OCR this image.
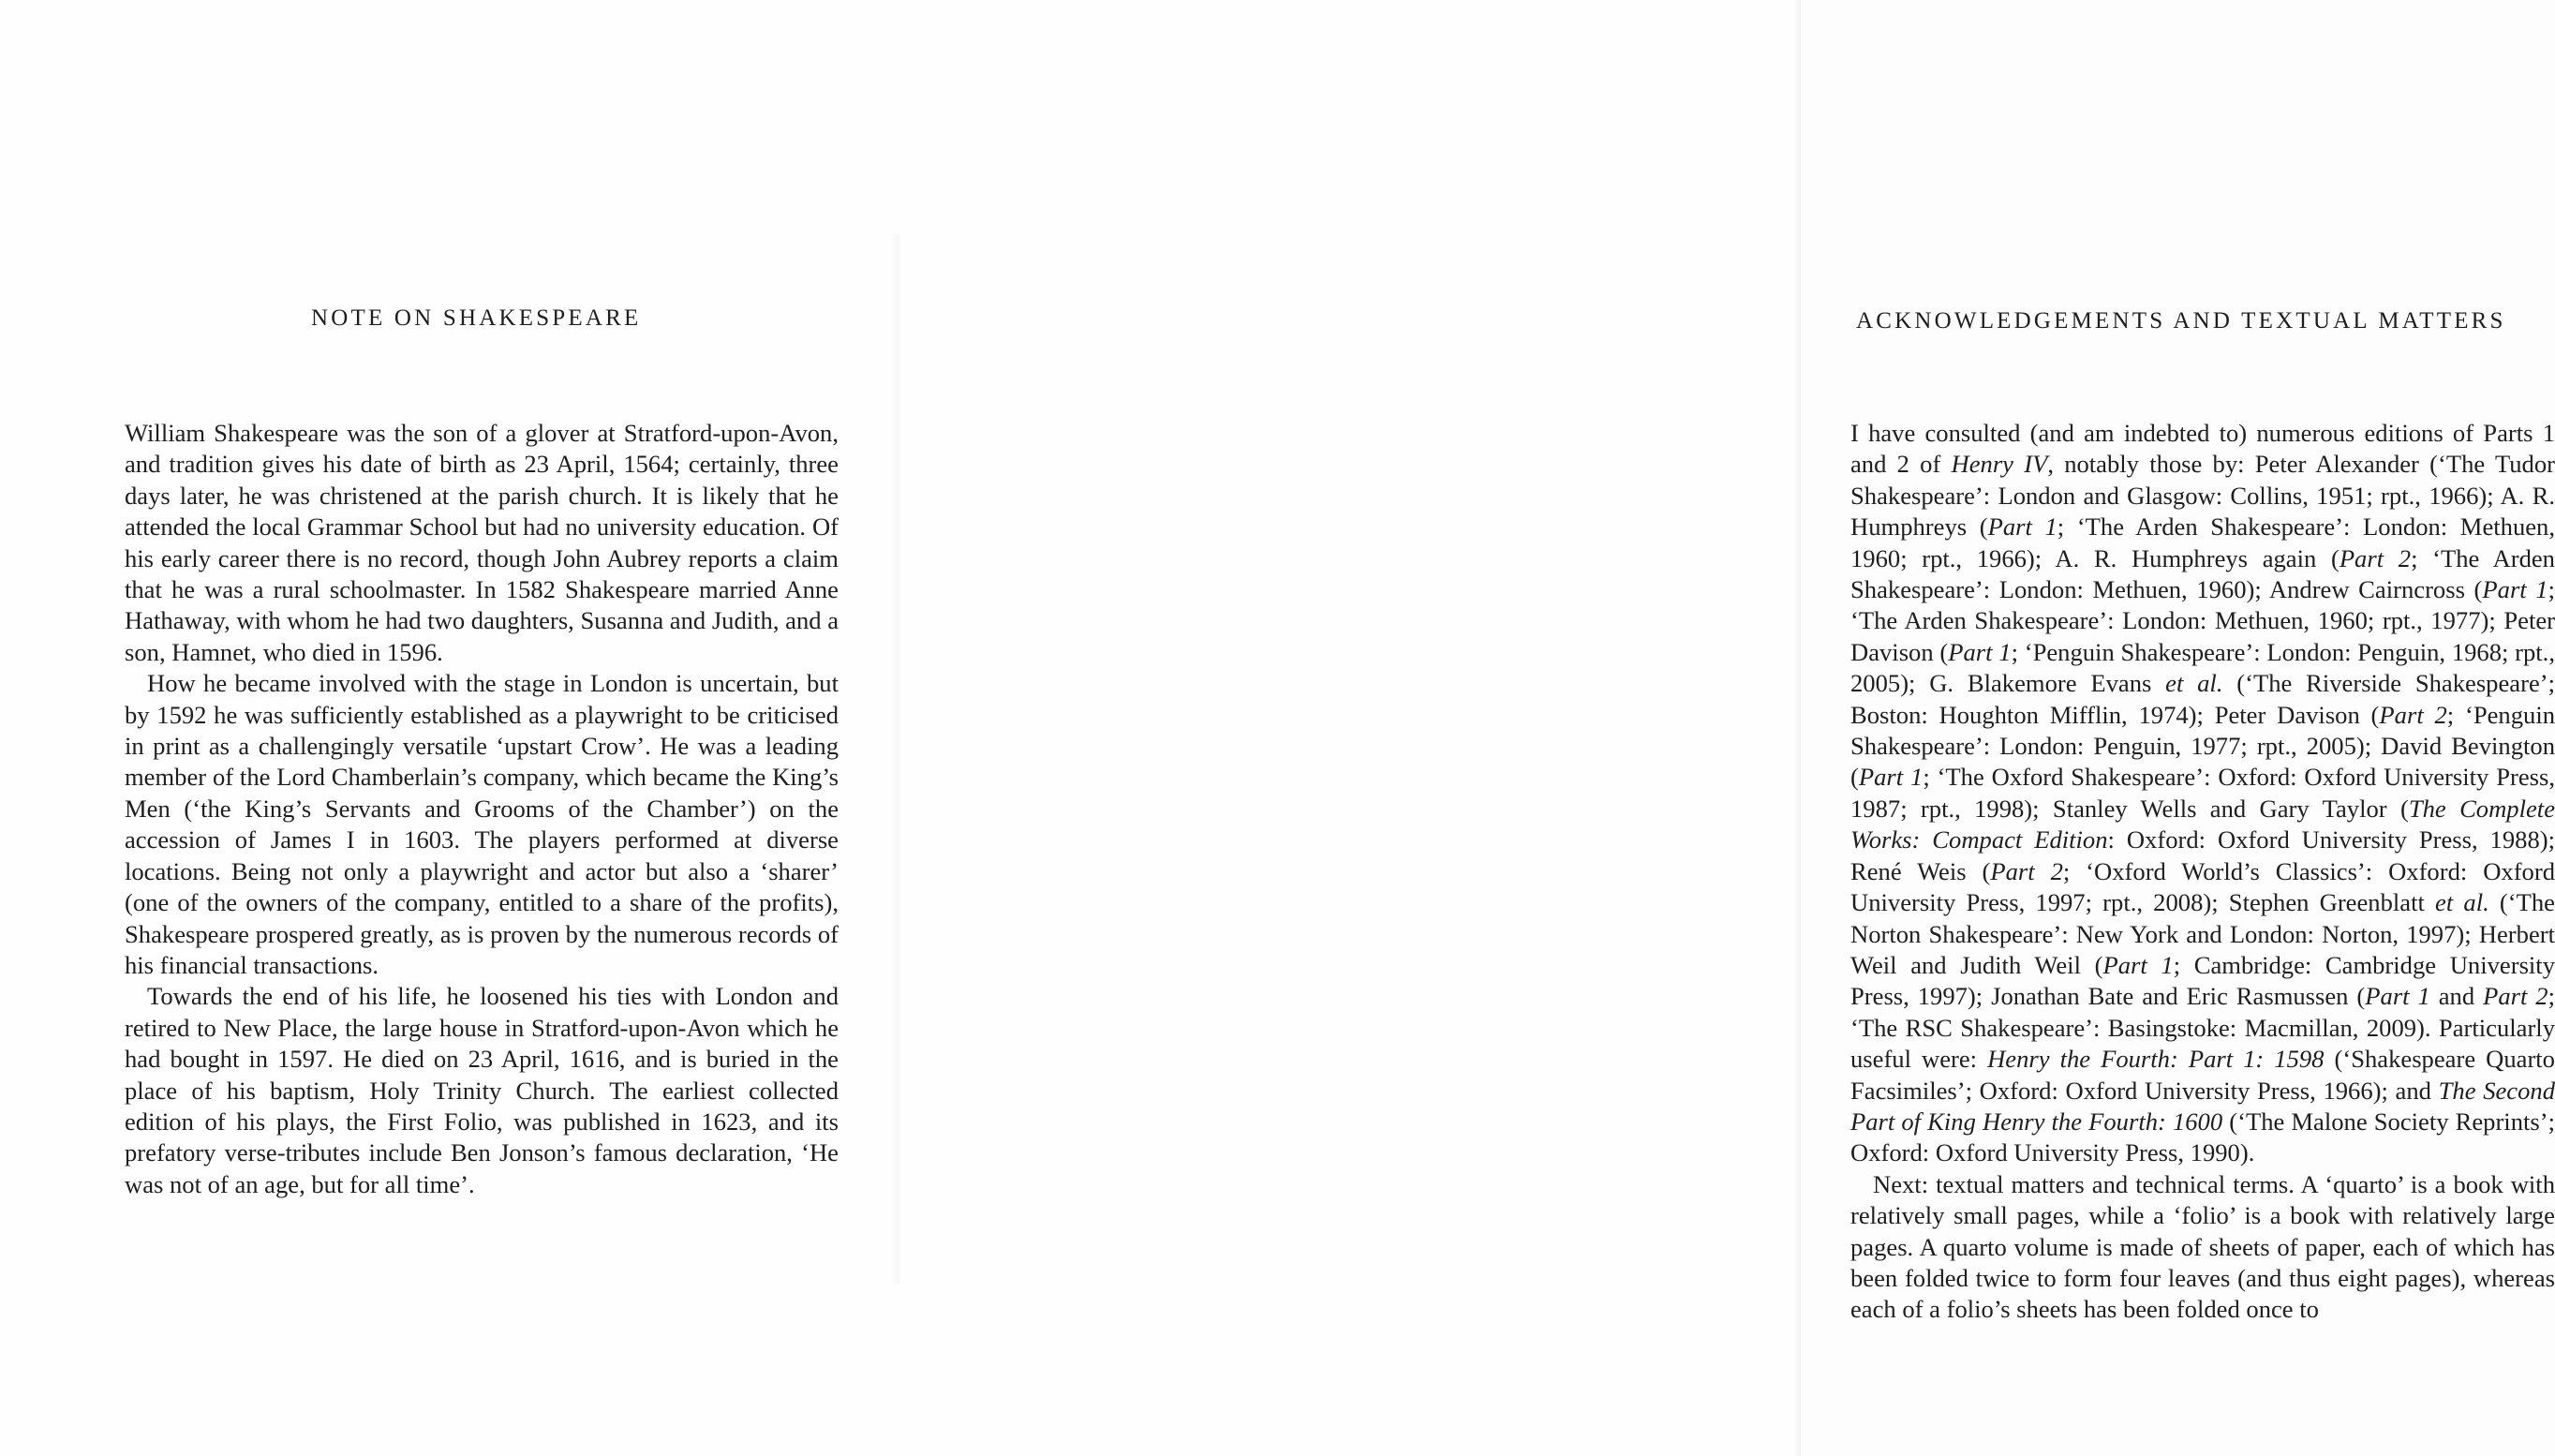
NOTE ON SHAKESPEARE

William Shakespeare was the son of a glover at Stratford-upon-Avon, and tradition gives his date of birth as 23 April, 1564; certainly, three days later, he was christened at the parish church. It is likely that he attended the local Grammar School but had no university education. Of his early career there is no record, though John Aubrey reports a claim that he was a rural schoolmaster. In 1582 Shakespeare married Anne Hathaway, with whom he had two daughters, Susanna and Judith, and a son, Hamnet, who died in 1596.

How he became involved with the stage in London is uncertain, but by 1592 he was sufficiently established as a playwright to be criticised in print as a challengingly versatile ‘upstart Crow’. He was a leading member of the Lord Chamberlain’s company, which became the King’s Men (‘the King’s Servants and Grooms of the Chamber’) on the accession of James I in 1603. The players performed at diverse locations. Being not only a playwright and actor but also a ‘sharer’ (one of the owners of the company, entitled to a share of the profits), Shakespeare prospered greatly, as is proven by the numerous records of his financial transactions.

Towards the end of his life, he loosened his ties with London and retired to New Place, the large house in Stratford-upon-Avon which he had bought in 1597. He died on 23 April, 1616, and is buried in the place of his baptism, Holy Trinity Church. The earliest collected edition of his plays, the First Folio, was published in 1623, and its prefatory verse-tributes include Ben Jonson’s famous declaration, ‘He was not of an age, but for all time’.

ACKNOWLEDGEMENTS AND TEXTUAL MATTERS

I have consulted (and am indebted to) numerous editions of Parts 1 and 2 of Henry IV, notably those by: Peter Alexander (‘The Tudor Shakespeare’: London and Glasgow: Collins, 1951; rpt., 1966); A. R. Humphreys (Part 1; ‘The Arden Shakespeare’: London: Methuen, 1960; rpt., 1966); A. R. Humphreys again (Part 2; ‘The Arden Shakespeare’: London: Methuen, 1960); Andrew Cairncross (Part 1; ‘The Arden Shakespeare’: London: Methuen, 1960; rpt., 1977); Peter Davison (Part 1; ‘Penguin Shakespeare’: London: Penguin, 1968; rpt., 2005); G. Blakemore Evans et al. (‘The Riverside Shakespeare’; Boston: Houghton Mifflin, 1974); Peter Davison (Part 2; ‘Penguin Shakespeare’: London: Penguin, 1977; rpt., 2005); David Bevington (Part 1; ‘The Oxford Shakespeare’: Oxford: Oxford University Press, 1987; rpt., 1998); Stanley Wells and Gary Taylor (The Complete Works: Compact Edition: Oxford: Oxford University Press, 1988); René Weis (Part 2; ‘Oxford World’s Classics’: Oxford: Oxford University Press, 1997; rpt., 2008); Stephen Greenblatt et al. (‘The Norton Shakespeare’: New York and London: Norton, 1997); Herbert Weil and Judith Weil (Part 1; Cambridge: Cambridge University Press, 1997); Jonathan Bate and Eric Rasmussen (Part 1 and Part 2; ‘The RSC Shakespeare’: Basingstoke: Macmillan, 2009). Particularly useful were: Henry the Fourth: Part 1: 1598 (‘Shakespeare Quarto Facsimiles’; Oxford: Oxford University Press, 1966); and The Second Part of King Henry the Fourth: 1600 (‘The Malone Society Reprints’; Oxford: Oxford University Press, 1990).

Next: textual matters and technical terms. A ‘quarto’ is a book with relatively small pages, while a ‘folio’ is a book with relatively large pages. A quarto volume is made of sheets of paper, each of which has been folded twice to form four leaves (and thus eight pages), whereas each of a folio’s sheets has been folded once to
